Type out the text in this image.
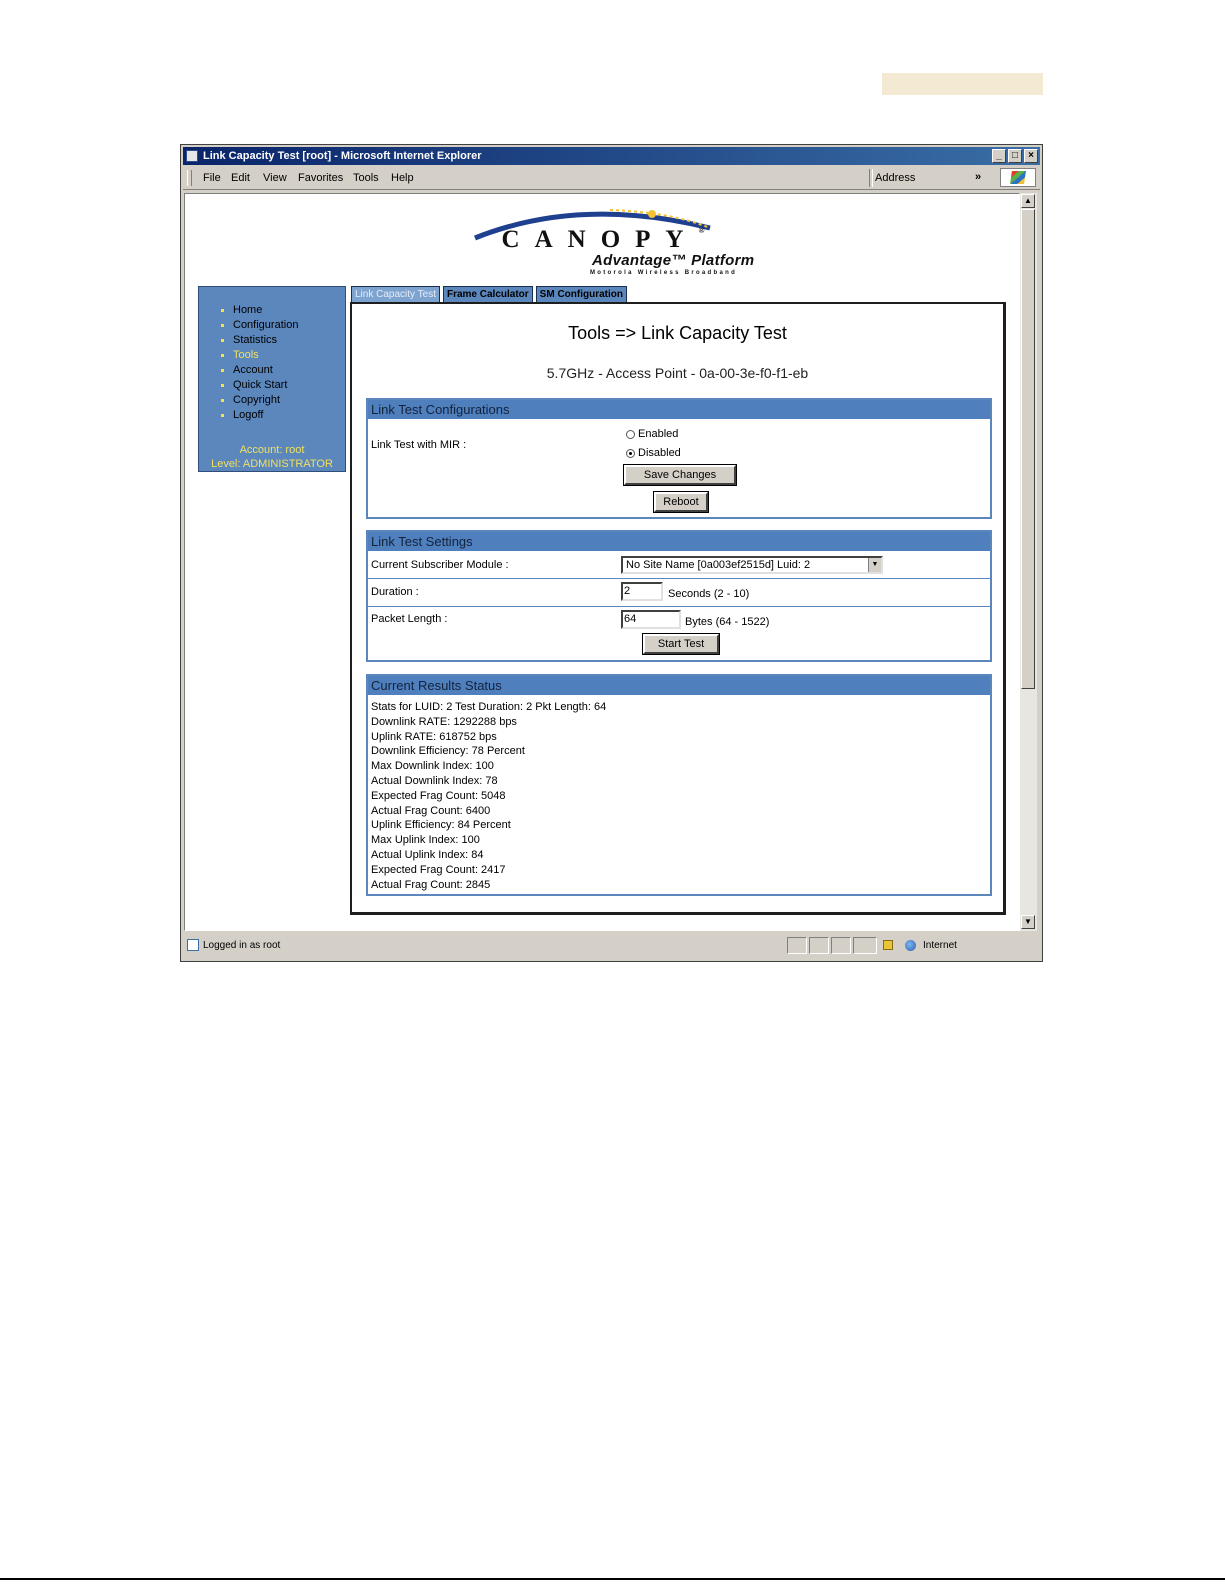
Link Capacity Test [root] - Microsoft Internet Explorer	_	□	×
File Edit View Favorites Tools Help	Address	»
CANOPY®
Advantage™ Platform
Motorola Wireless Broadband
Home
Configuration
Statistics
Tools
Account
Quick Start
Copyright
Logoff
Account: root
Level: ADMINISTRATOR
Link Capacity Test	Frame Calculator	SM Configuration
Tools => Link Capacity Test
5.7GHz - Access Point - 0a-00-3e-f0-f1-eb
Link Test Configurations
Link Test with MIR :
Enabled
Disabled
Save Changes
Reboot
Link Test Settings
Current Subscriber Module :	No Site Name [0a003ef2515d] Luid: 2	▼
Duration :	2	Seconds (2 - 10)
Packet Length :	64	Bytes (64 - 1522)
Start Test
Current Results Status
Stats for LUID: 2 Test Duration: 2 Pkt Length: 64
Downlink RATE: 1292288 bps
Uplink RATE: 618752 bps
Downlink Efficiency: 78 Percent
Max Downlink Index: 100
Actual Downlink Index: 78
Expected Frag Count: 5048
Actual Frag Count: 6400
Uplink Efficiency: 84 Percent
Max Uplink Index: 100
Actual Uplink Index: 84
Expected Frag Count: 2417
Actual Frag Count: 2845
▲
▼
Logged in as root	Internet
